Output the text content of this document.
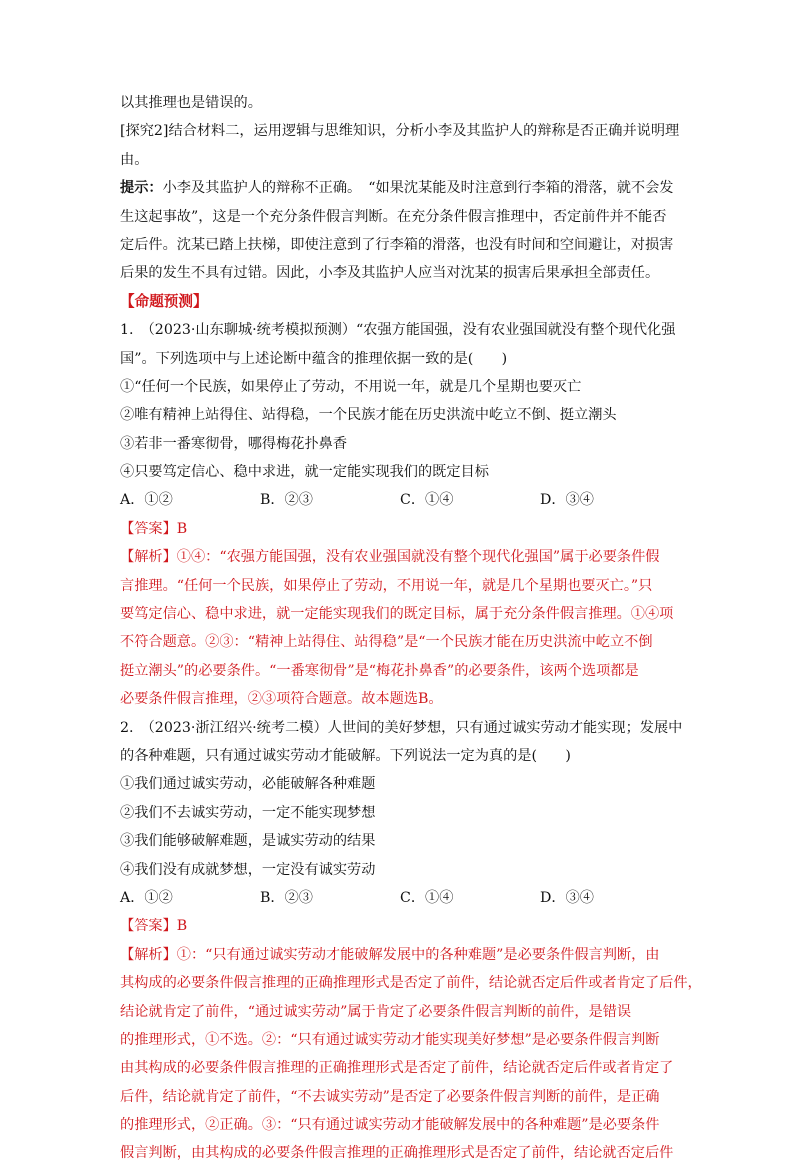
以其推理也是错误的。
[探究2]结合材料二，运用逻辑与思维知识，分析小李及其监护人的辩称是否正确并说明理
由。
提示：小李及其监护人的辩称不正确。　“如果沈某能及时注意到行李箱的滑落，就不会发
生这起事故”，这是一个充分条件假言判断。在充分条件假言推理中，否定前件并不能否
定后件。沈某已踏上扶梯，即使注意到了行李箱的滑落，也没有时间和空间避让，对损害
后果的发生不具有过错。因此，小李及其监护人应当对沈某的损害后果承担全部责任。
【命题预测】
1.　（2023·山东聊城·统考模拟预测）“农强方能国强，没有农业强国就没有整个现代化强
国”。下列选项中与上述论断中蕴含的推理依据一致的是(　　)
①“任何一个民族，如果停止了劳动，不用说一年，就是几个星期也要灭亡
②唯有精神上站得住、站得稳，一个民族才能在历史洪流中屹立不倒、挺立潮头
③若非一番寒彻骨，哪得梅花扑鼻香
④只要笃定信心、稳中求进，就一定能实现我们的既定目标
A．①②	B．②③	C．①④	D．③④
【答案】B
【解析】①④：“农强方能国强，没有农业强国就没有整个现代化强国”属于必要条件假
言推理。“任何一个民族，如果停止了劳动，不用说一年，就是几个星期也要灭亡。”只
要笃定信心、稳中求进，就一定能实现我们的既定目标，属于充分条件假言推理。①④项
不符合题意。②③：“精神上站得住、站得稳”是“一个民族才能在历史洪流中屹立不倒
挺立潮头”的必要条件。“一番寒彻骨”是“梅花扑鼻香”的必要条件，该两个选项都是
必要条件假言推理，②③项符合题意。故本题选B。
2.　（2023·浙江绍兴·统考二模）人世间的美好梦想，只有通过诚实劳动才能实现；发展中
的各种难题，只有通过诚实劳动才能破解。下列说法一定为真的是(　　)
①我们通过诚实劳动，必能破解各种难题
②我们不去诚实劳动，一定不能实现梦想
③我们能够破解难题，是诚实劳动的结果
④我们没有成就梦想，一定没有诚实劳动
A．①②	B．②③	C．①④	D．③④
【答案】B
【解析】①：“只有通过诚实劳动才能破解发展中的各种难题”是必要条件假言判断，由
其构成的必要条件假言推理的正确推理形式是否定了前件，结论就否定后件或者肯定了后件，
结论就肯定了前件，“通过诚实劳动”属于肯定了必要条件假言判断的前件，是错误
的推理形式，①不选。②：“只有通过诚实劳动才能实现美好梦想”是必要条件假言判断
由其构成的必要条件假言推理的正确推理形式是否定了前件，结论就否定后件或者肯定了
后件，结论就肯定了前件，“不去诚实劳动”是否定了必要条件假言判断的前件，是正确
的推理形式，②正确。③：“只有通过诚实劳动才能破解发展中的各种难题”是必要条件
假言判断，由其构成的必要条件假言推理的正确推理形式是否定了前件，结论就否定后件
